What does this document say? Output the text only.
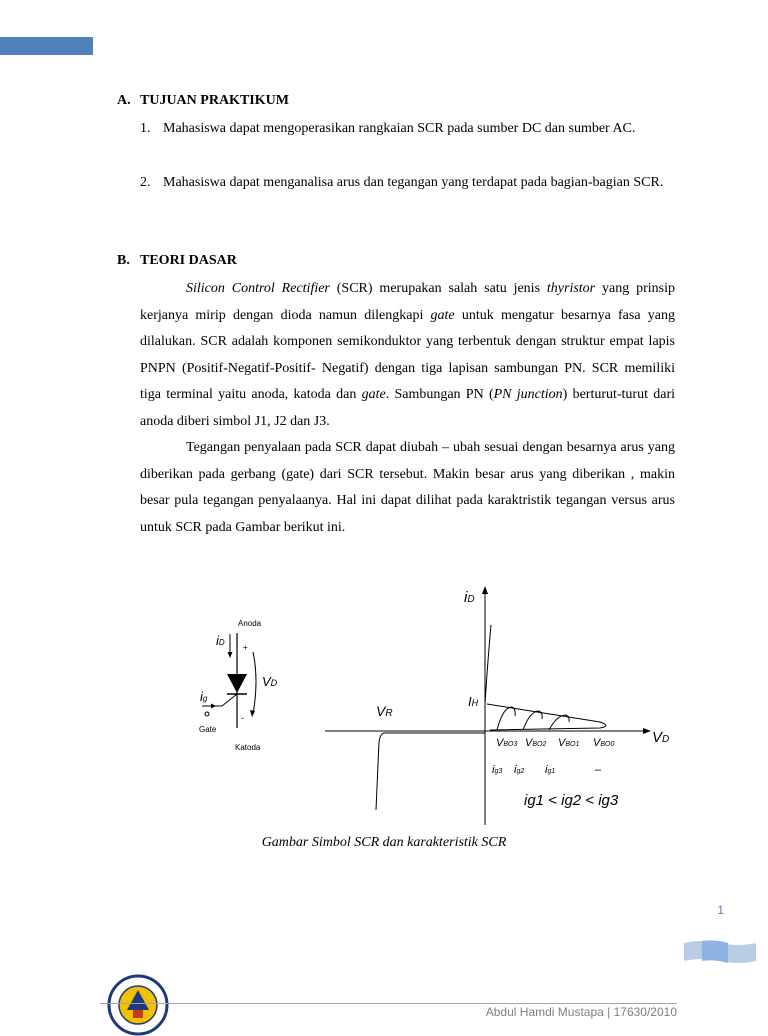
A. TUJUAN PRAKTIKUM
1. Mahasiswa dapat mengoperasikan rangkaian SCR pada sumber DC dan sumber AC.
2. Mahasiswa dapat menganalisa arus dan tegangan yang terdapat pada bagian-bagian SCR.
B. TEORI DASAR

Silicon Control Rectifier (SCR) merupakan salah satu jenis thyristor yang prinsip kerjanya mirip dengan dioda namun dilengkapi gate untuk mengatur besarnya fasa yang dilalukan. SCR adalah komponen semikonduktor yang terbentuk dengan struktur empat lapis PNPN (Positif-Negatif-Positif- Negatif) dengan tiga lapisan sambungan PN. SCR memiliki tiga terminal yaitu anoda, katoda dan gate. Sambungan PN (PN junction) berturut-turut dari anoda diberi simbol J1, J2 dan J3.

Tegangan penyalaan pada SCR dapat diubah – ubah sesuai dengan besarnya arus yang diberikan pada gerbang (gate) dari SCR tersebut. Makin besar arus yang diberikan , makin besar pula tegangan penyalaanya. Hal ini dapat dilihat pada karaktristik tegangan versus arus untuk SCR pada Gambar berikut ini.

Anoda
Gate
ig
iD
+
-
VD
Katoda
iD
VD
VR
IH
VBO3 VBO2 VBO1 VBO0
ig3 ig2 ig1	–
ig1 < ig2 < ig3
Gambar Simbol SCR dan karakteristik SCR
1
Abdul Hamdi Mustapa | 17630/2010
